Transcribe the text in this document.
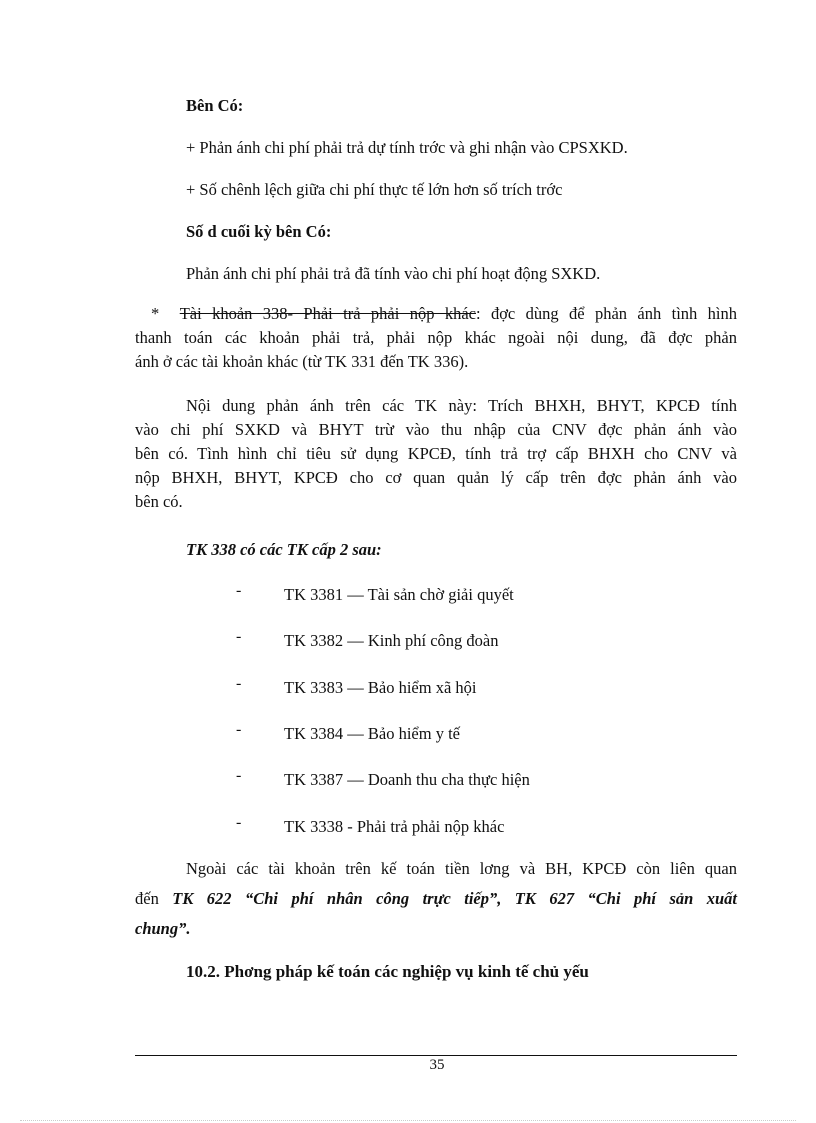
Bên Có:
+ Phản ánh chi phí phải trả dự tính trớc và ghi nhận vào CPSXKD.
+ Số chênh lệch giữa chi phí thực tế lớn hơn số trích trớc
Số d cuối kỳ bên Có:
Phản ánh chi phí phải trả đã tính vào chi phí hoạt động SXKD.
* Tài khoản 338- Phải trả phải nộp khác: đợc dùng để phản ánh tình hình
thanh toán các khoản phải trả, phải nộp khác ngoài nội dung, đã đợc phản
ánh ở các tài khoản khác (từ TK 331 đến TK 336).
Nội dung phản ánh trên các TK này: Trích BHXH, BHYT, KPCĐ tính
vào chi phí SXKD và BHYT trừ vào thu nhập của CNV đợc phản ánh vào
bên có. Tình hình chỉ tiêu sử dụng KPCĐ, tính trả trợ cấp BHXH cho CNV và
nộp BHXH, BHYT, KPCĐ cho cơ quan quản lý cấp trên đợc phản ánh vào
bên có.
TK 338 có các TK cấp 2 sau:
-	TK 3381 — Tài sản chờ giải quyết
-	TK 3382 — Kinh phí công đoàn
-	TK 3383 — Bảo hiểm xã hội
-	TK 3384 — Bảo hiểm y tế
-	TK 3387 — Doanh thu cha thực hiện
-	TK 3338 - Phải trả phải nộp khác
Ngoài các tài khoản trên kế toán tiền lơng và BH, KPCĐ còn liên quan
đến TK 622 “Chi phí nhân công trực tiếp”, TK 627 “Chi phí sản xuất
chung”.
10.2. Phơng pháp kế toán các nghiệp vụ kinh tế chủ yếu
35
